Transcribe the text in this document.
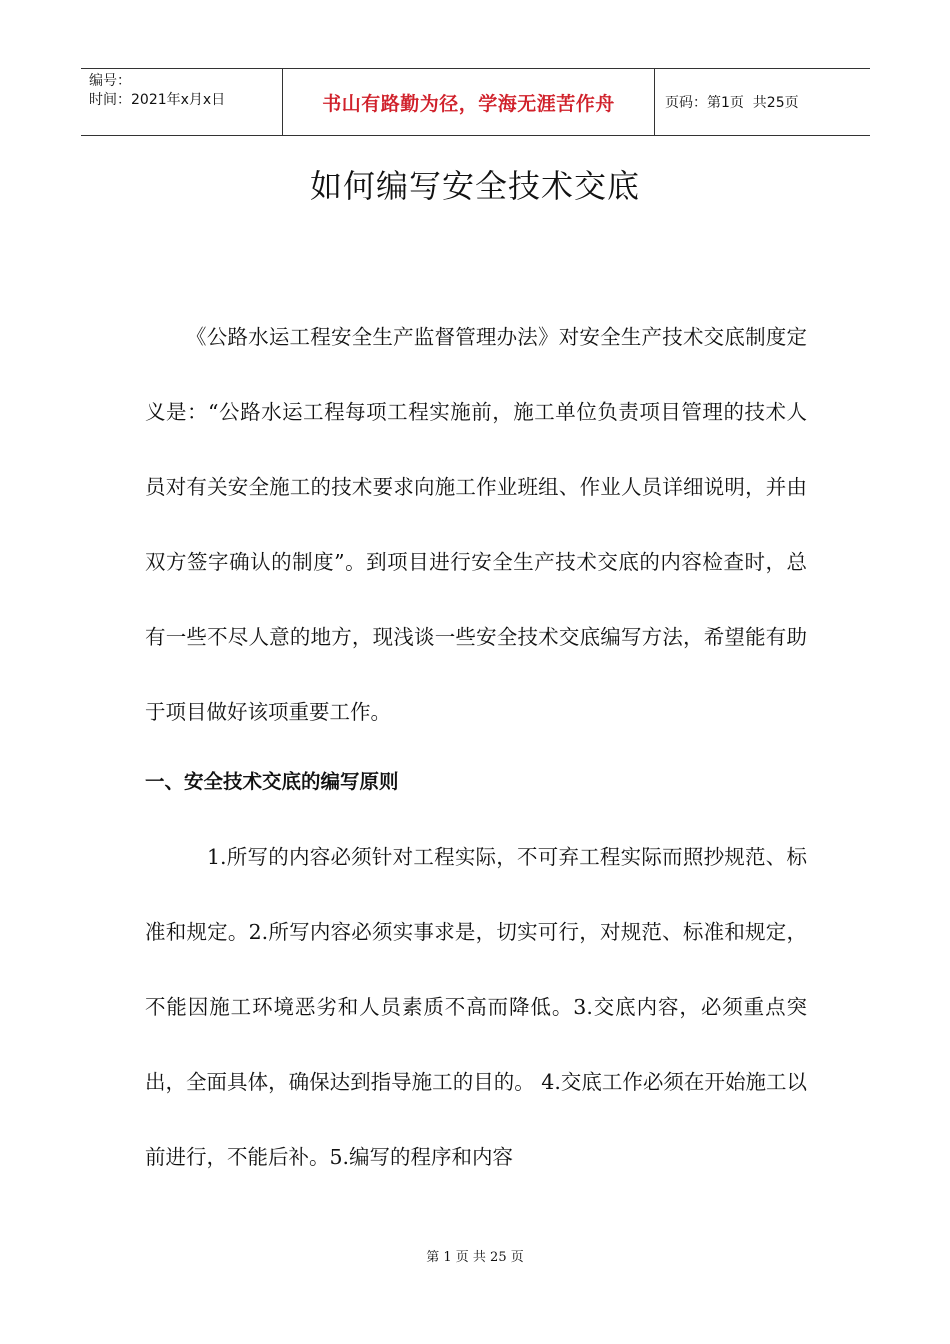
编号：
时间：2021年x月x日	书山有路勤为径，学海无涯苦作舟	页码：第1页  共25页
如何编写安全技术交底

《公路水运工程安全生产监督管理办法》对安全生产技术交底制度定义是：“公路水运工程每项工程实施前，施工单位负责项目管理的技术人员对有关安全施工的技术要求向施工作业班组、作业人员详细说明，并由双方签字确认的制度”。到项目进行安全生产技术交底的内容检查时，总有一些不尽人意的地方，现浅谈一些安全技术交底编写方法，希望能有助于项目做好该项重要工作。

一、安全技术交底的编写原则

1.所写的内容必须针对工程实际，不可弃工程实际而照抄规范、标准和规定。2.所写内容必须实事求是，切实可行，对规范、标准和规定，不能因施工环境恶劣和人员素质不高而降低。3.交底内容，必须重点突出，全面具体，确保达到指导施工的目的。 4.交底工作必须在开始施工以前进行，不能后补。5.编写的程序和内容

第 1 页 共 25 页
